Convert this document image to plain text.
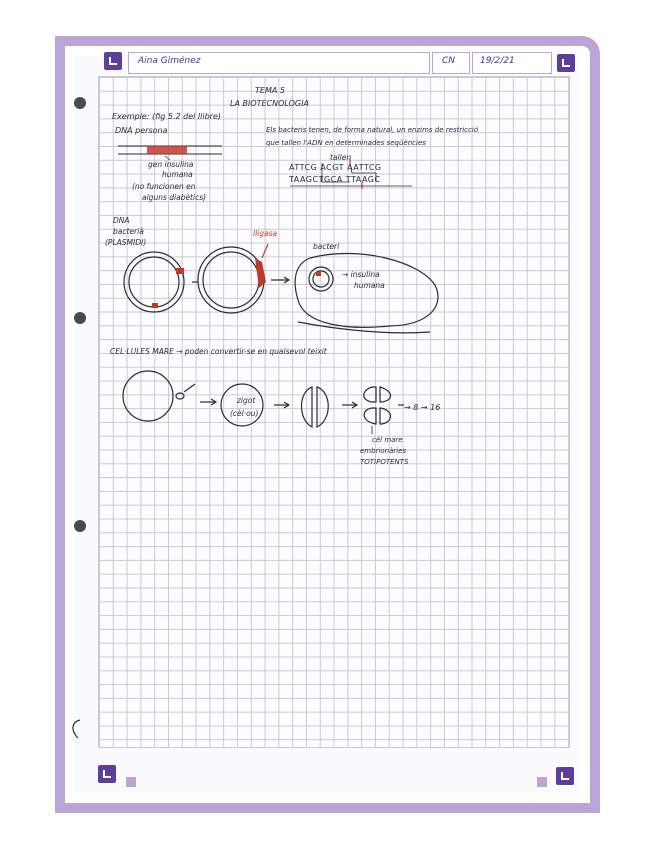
Aina Giménez	CN	19/2/21
TEMA 5
LA BIOTECNOLOGIA
Exemple: (fig 5.2 del llibre)
DNA persona
gen insulina
humana
(no funcionen en
alguns diabètics)
Els bacteris tenen, de forma natural, un enzims de restricció
que tallen l'ADN en determinades seqüències
tallen
ATTCG ACGT AATTCG
TAAGCTGCA TTAAGC
DNA
bacterià
(PLASMIDI)
lligasa
bacteri
→ insulina
humana
CEL·LULES MARE → poden convertir-se en qualsevol teixit
zigot
(cèl·ou)
→ 8 → 16
cèl mare
embrionàries
TOTIPOTENTS
